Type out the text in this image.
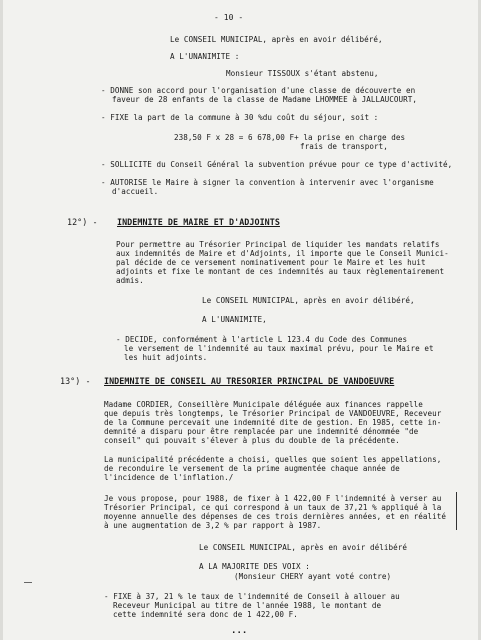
- 10 -
Le CONSEIL MUNICIPAL, après en avoir délibéré,
A L'UNANIMITE :
Monsieur TISSOUX s'étant abstenu,
- DONNE son accord pour l'organisation d'une classe de découverte en
faveur de 28 enfants de la classe de Madame LHOMMEE à JALLAUCOURT,
- FIXE la part de la commune à 30 %du coût du séjour, soit :
238,50 F x 28 = 6 678,00 F+ la prise en charge des
frais de transport,
- SOLLICITE du Conseil Général la subvention prévue pour ce type d'activité,
- AUTORISE le Maire à signer la convention à intervenir avec l'organisme
d'accueil.
12°) - INDEMNITE DE MAIRE ET D'ADJOINTS
Pour permettre au Trésorier Principal de liquider les mandats relatifs
aux indemnités de Maire et d'Adjoints, il importe que le Conseil Munici-
pal décide de ce versement nominativement pour le Maire et les huit
adjoints et fixe le montant de ces indemnités au taux règlementairement
admis.
Le CONSEIL MUNICIPAL, après en avoir délibéré,
A L'UNANIMITE,
- DECIDE, conformément à l'article L 123.4 du Code des Communes
le versement de l'indemnité au taux maximal prévu, pour le Maire et
les huit adjoints.
13°) - INDEMNITE DE CONSEIL AU TRESORIER PRINCIPAL DE VANDOEUVRE
Madame CORDIER, Conseillère Municipale déléguée aux finances rappelle
que depuis très longtemps, le Trésorier Principal de VANDOEUVRE, Receveur
de la Commune percevait une indemnité dite de gestion. En 1985, cette in-
demnité a disparu pour être remplacée par une indemnité dénommée "de
conseil" qui pouvait s'élever à plus du double de la précédente.
La municipalité précédente a choisi, quelles que soient les appellations,
de reconduire le versement de la prime augmentée chaque année de
l'incidence de l'inflation./
Je vous propose, pour 1988, de fixer à 1 422,00 F l'indemnité à verser au
Trésorier Principal, ce qui correspond à un taux de 37,21 % appliqué à la
moyenne annuelle des dépenses de ces trois dernières années, et en réalité
à une augmentation de 3,2 % par rapport à 1987.
Le CONSEIL MUNICIPAL, après en avoir délibéré
A LA MAJORITE DES VOIX :
(Monsieur CHERY ayant voté contre)
- FIXE à 37, 21 % le taux de l'indemnité de Conseil à allouer au
Receveur Municipal au titre de l'année 1988, le montant de
cette indemnité sera donc de 1 422,00 F.
...
